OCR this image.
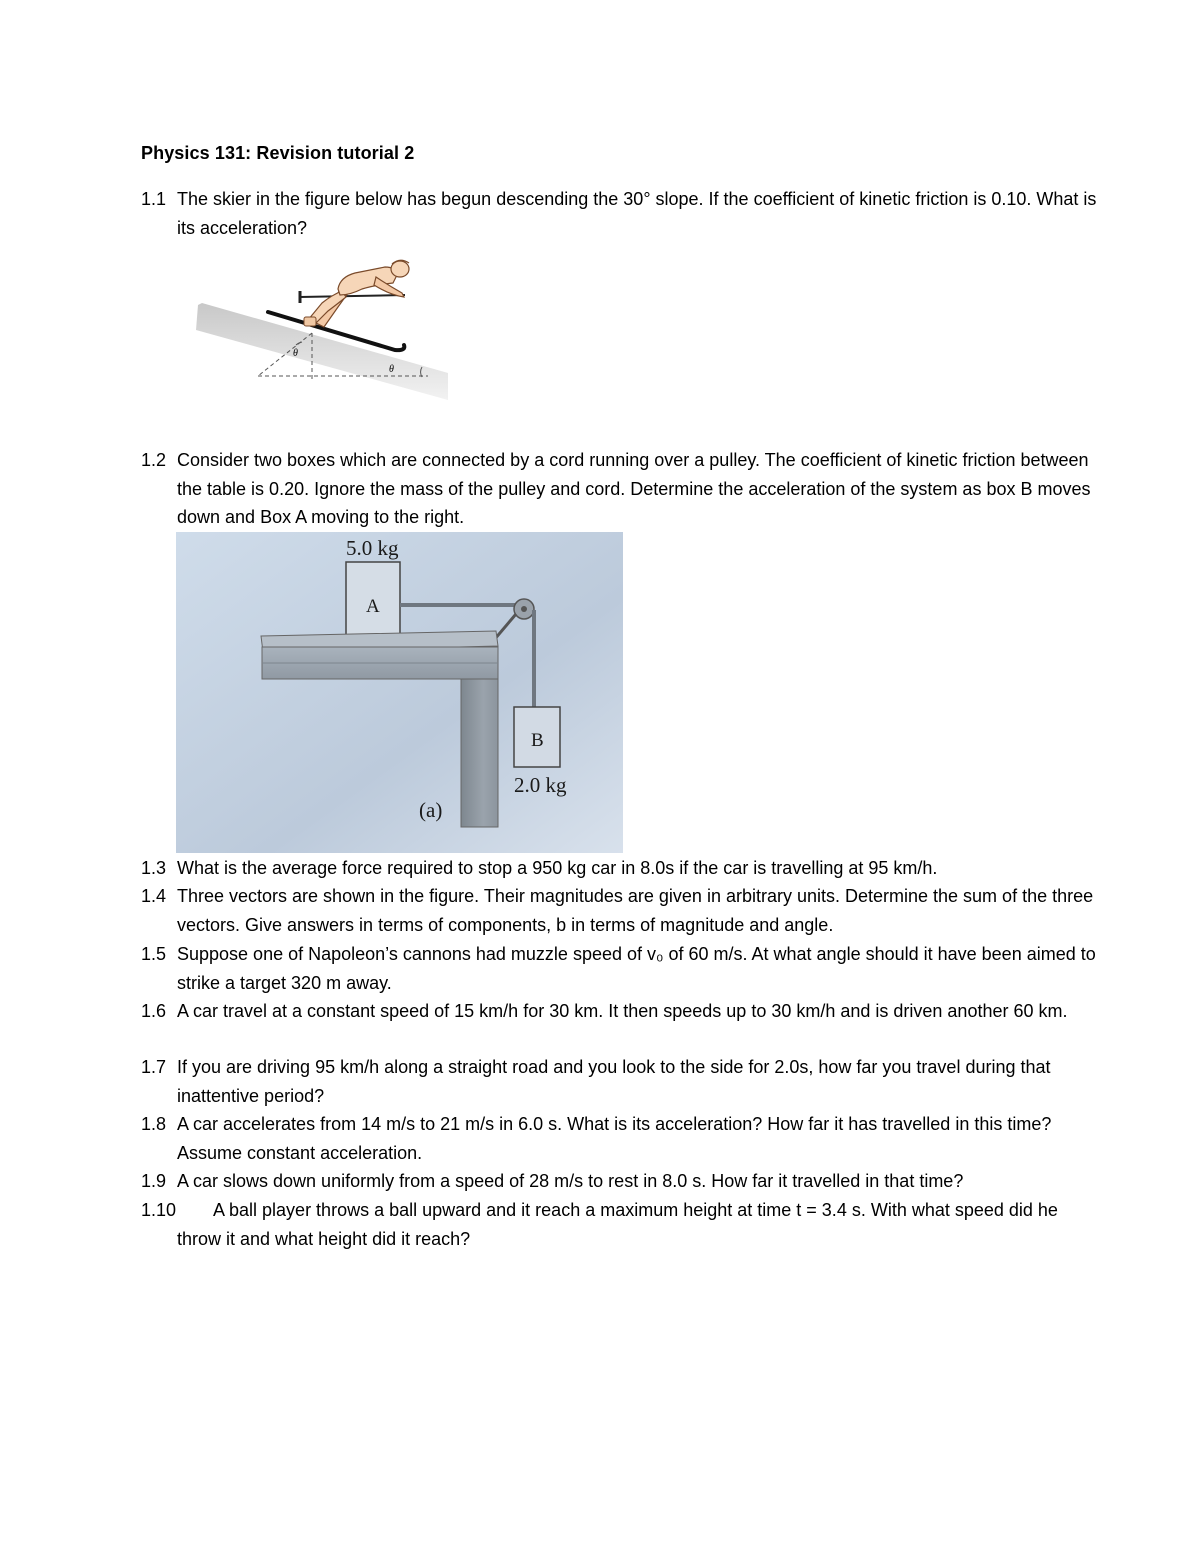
Physics 131: Revision tutorial 2
1.1 The skier in the figure below has begun descending the 30° slope. If the coefficient of kinetic friction is 0.10. What is its acceleration?
θ
θ
1.2 Consider two boxes which are connected by a cord running over a pulley. The coefficient of kinetic friction between the table is 0.20. Ignore the mass of the pulley and cord. Determine the acceleration of the system as box B moves down and Box A moving to the right.
5.0 kg
A
B
2.0 kg
(a)
1.3 What is the average force required to stop a 950 kg car in 8.0s if the car is travelling at 95 km/h.
1.4 Three vectors are shown in the figure. Their magnitudes are given in arbitrary units. Determine the sum of the three vectors. Give answers in terms of components, b in terms of magnitude and angle.
1.5 Suppose one of Napoleon’s cannons had muzzle speed of v₀ of 60 m/s. At what angle should it have been aimed to strike a target 320 m away.
1.6 A car travel at a constant speed of 15 km/h for 30 km. It then speeds up to 30 km/h and is driven another 60 km.
1.7 If you are driving 95 km/h along a straight road and you look to the side for 2.0s, how far you travel during that inattentive period?
1.8 A car accelerates from 14 m/s to 21 m/s in 6.0 s. What is its acceleration? How far it has travelled in this time? Assume constant acceleration.
1.9 A car slows down uniformly from a speed of 28 m/s to rest in 8.0 s. How far it travelled in that time?
1.10 A ball player throws a ball upward and it reach a maximum height at time t = 3.4 s. With what speed did he throw it and what height did it reach?
